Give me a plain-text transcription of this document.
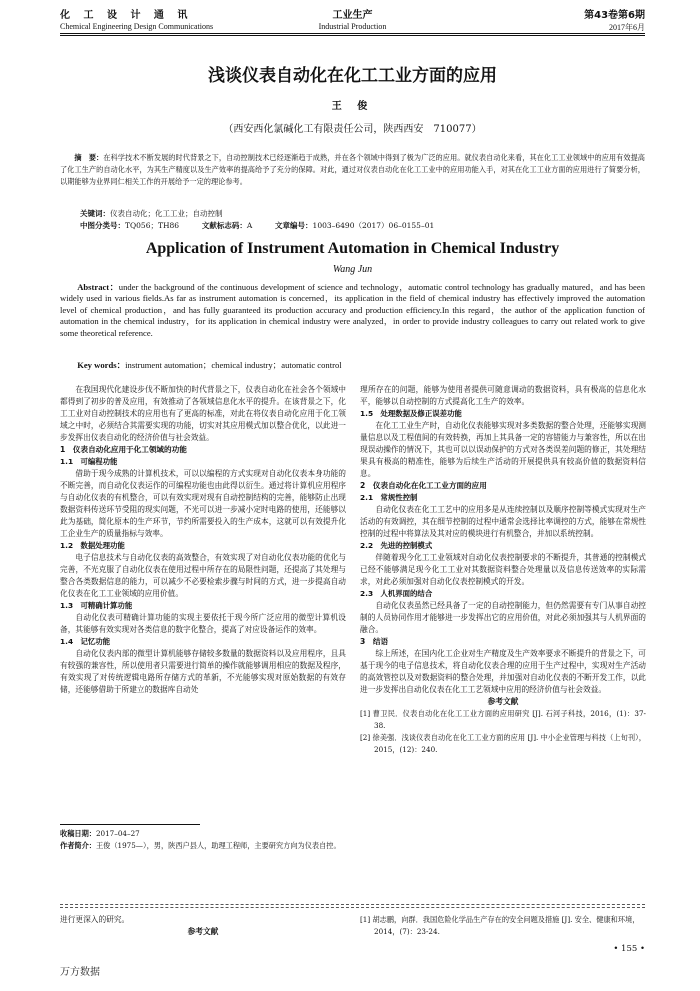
化 工 设 计 通 讯
Chemical Engineering Design Communications
工业生产
Industrial Production
第43卷第6期
2017年6月
浅谈仪表自动化在化工工业方面的应用
王 俊
（西安西化氯碱化工有限责任公司，陕西西安　710077）
摘　要：在科学技术不断发展的时代背景之下，自动控制技术已经逐渐趋于成熟，并在各个领域中得到了极为广泛的应用。就仪表自动化来看，其在化工工业领域中的应用有效提高了化工生产的自动化水平，为其生产精度以及生产效率的提高给予了充分的保障。对此，通过对仪表自动化在化工工业中的应用功能入手，对其在化工工业方面的应用进行了简要分析，以期能够为业界同仁相关工作的开展给予一定的理论参考。
关键词：仪表自动化；化工工业；自动控制
中图分类号：TQ056；TH86	文献标志码：A	文章编号：1003–6490（2017）06–0155–01
Application of Instrument Automation in Chemical Industry
Wang Jun
Abstract：under the background of the continuous development of science and technology，automatic control technology has gradually matured，and has been widely used in various fields.As far as instrument automation is concerned，its application in the field of chemical industry has effectively improved the automation level of chemical production，and has fully guaranteed its production accuracy and production efficiency.In this regard，the author of the application function of automation in the chemical industry，for its application in chemical industry were analyzed，in order to provide industry colleagues to carry out related work to give some theoretical reference.
Key words：instrument automation；chemical industry；automatic control

在我国现代化建设步伐不断加快的时代背景之下，仪表自动化在社会各个领域中都得到了初步的普及应用，有效推动了各领域信息化水平的提升。在该背景之下，化工工业对自动控制技术的应用也有了更高的标准，对此在将仪表自动化应用于化工领域之中时，必须结合其需要实现的功能，切实对其应用模式加以整合优化，以此进一步发挥出仪表自动化的经济价值与社会效益。

1　仪表自动化应用于化工领域的功能

1.1　可编程功能

借助于现今成熟的计算机技术，可以以编程的方式实现对自动化仪表本身功能的不断完善，而自动化仪表运作的可编程功能也由此得以衍生。通过将计算机应用程序与自动化仪表的有机整合，可以有效实现对现有自动控制结构的完善，能够防止出现数据资料传送环节受阻的现实问题，不光可以进一步减小定时电路的使用，还能够以此为基础，简化原本的生产环节，节约所需要投入的生产成本，这就可以有效提升化工企业生产的质量指标与效率。

1.2　数据处理功能

电子信息技术与自动化仪表的高效整合，有效实现了对自动化仪表功能的优化与完善，不光克服了自动化仪表在使用过程中所存在的局限性问题，还提高了其处理与整合各类数据信息的能力，可以减少不必要检索步骤与时间的方式，进一步提高自动化仪表在化工工业领域的应用价值。

1.3　可精确计算功能

自动化仪表可精确计算功能的实现主要依托于现今所广泛应用的微型计算机设备，其能够有效实现对各类信息的数字化整合，提高了对应设备运作的效率。

1.4　记忆功能

自动化仪表内部的微型计算机能够存储较多数量的数据资料以及应用程序，且具有较强的兼容性，所以使用者只需要进行简单的操作就能够调用相应的数据及程序，有效实现了对传统逻辑电路所存储方式的革新，不光能够实现对原始数据的有效存储，还能够借助于所建立的数据库自动处

理所存在的问题，能够为使用者提供可随意调动的数据资料，具有极高的信息化水平，能够以自动控制的方式提高化工生产的效率。

1.5　处理数据及修正误差功能

在化工工业生产时，自动化仪表能够实现对多类数据的整合处理，还能够实现测量信息以及工程值间的有效转换，再加上其具备一定的容错能力与兼容性，所以在出现误动操作的情况下，其也可以以误动保护的方式对各类误差问题的修正，其处理结果具有极高的精准性，能够为后续生产活动的开展提供具有较高价值的数据资料信息。

2　仪表自动化在化工工业方面的应用

2.1　常规性控制

自动化仪表在化工工艺中的应用多是从连续控制以及顺序控制等模式实现对生产活动的有效调控，其在细节控制的过程中通常会选择比率调控的方式，能够在常规性控制的过程中将算法及其对应的模块进行有机整合，并加以系统控制。

2.2　先进的控制模式

伴随着现今化工工业领域对自动化仪表控制要求的不断提升，其普通的控制模式已经不能够满足现今化工工业对其数据资料整合处理量以及信息传送效率的实际需求，对此必须加强对自动化仪表控制模式的开发。

2.3　人机界面的结合

自动化仪表虽然已经具备了一定的自动控制能力，但仍然需要有专门从事自动控制的人员协同作用才能够进一步发挥出它的应用价值，对此必须加强其与人机界面的融合。

3　结语

综上所述，在国内化工企业对生产精度及生产效率要求不断提升的背景之下，可基于现今的电子信息技术，将自动化仪表合理的应用于生产过程中，实现对生产活动的高效管控以及对数据资料的整合处理，并加强对自动化仪表的不断开发工作，以此进一步发挥出自动化仪表在化工工艺领域中应用的经济价值与社会效益。

参考文献

[1] 曹卫民．仪表自动化在化工工业方面的应用研究 [J]. 石河子科技，2016，(1)：37-38.
[2] 徐美强．浅谈仪表自动化在化工工业方面的应用 [J]. 中小企业管理与科技（上旬刊），2015，(12)：240.
收稿日期：2017–04–27
作者简介：王俊（1975—），男，陕西户县人，助理工程师，主要研究方向为仪表自控。

进行更深入的研究。

参考文献

[1] 胡志鹏，向群．我国危险化学品生产存在的安全问题及措施 [J]. 安全、健康和环境，2014，(7)：23-24.
• 155 •
万方数据
